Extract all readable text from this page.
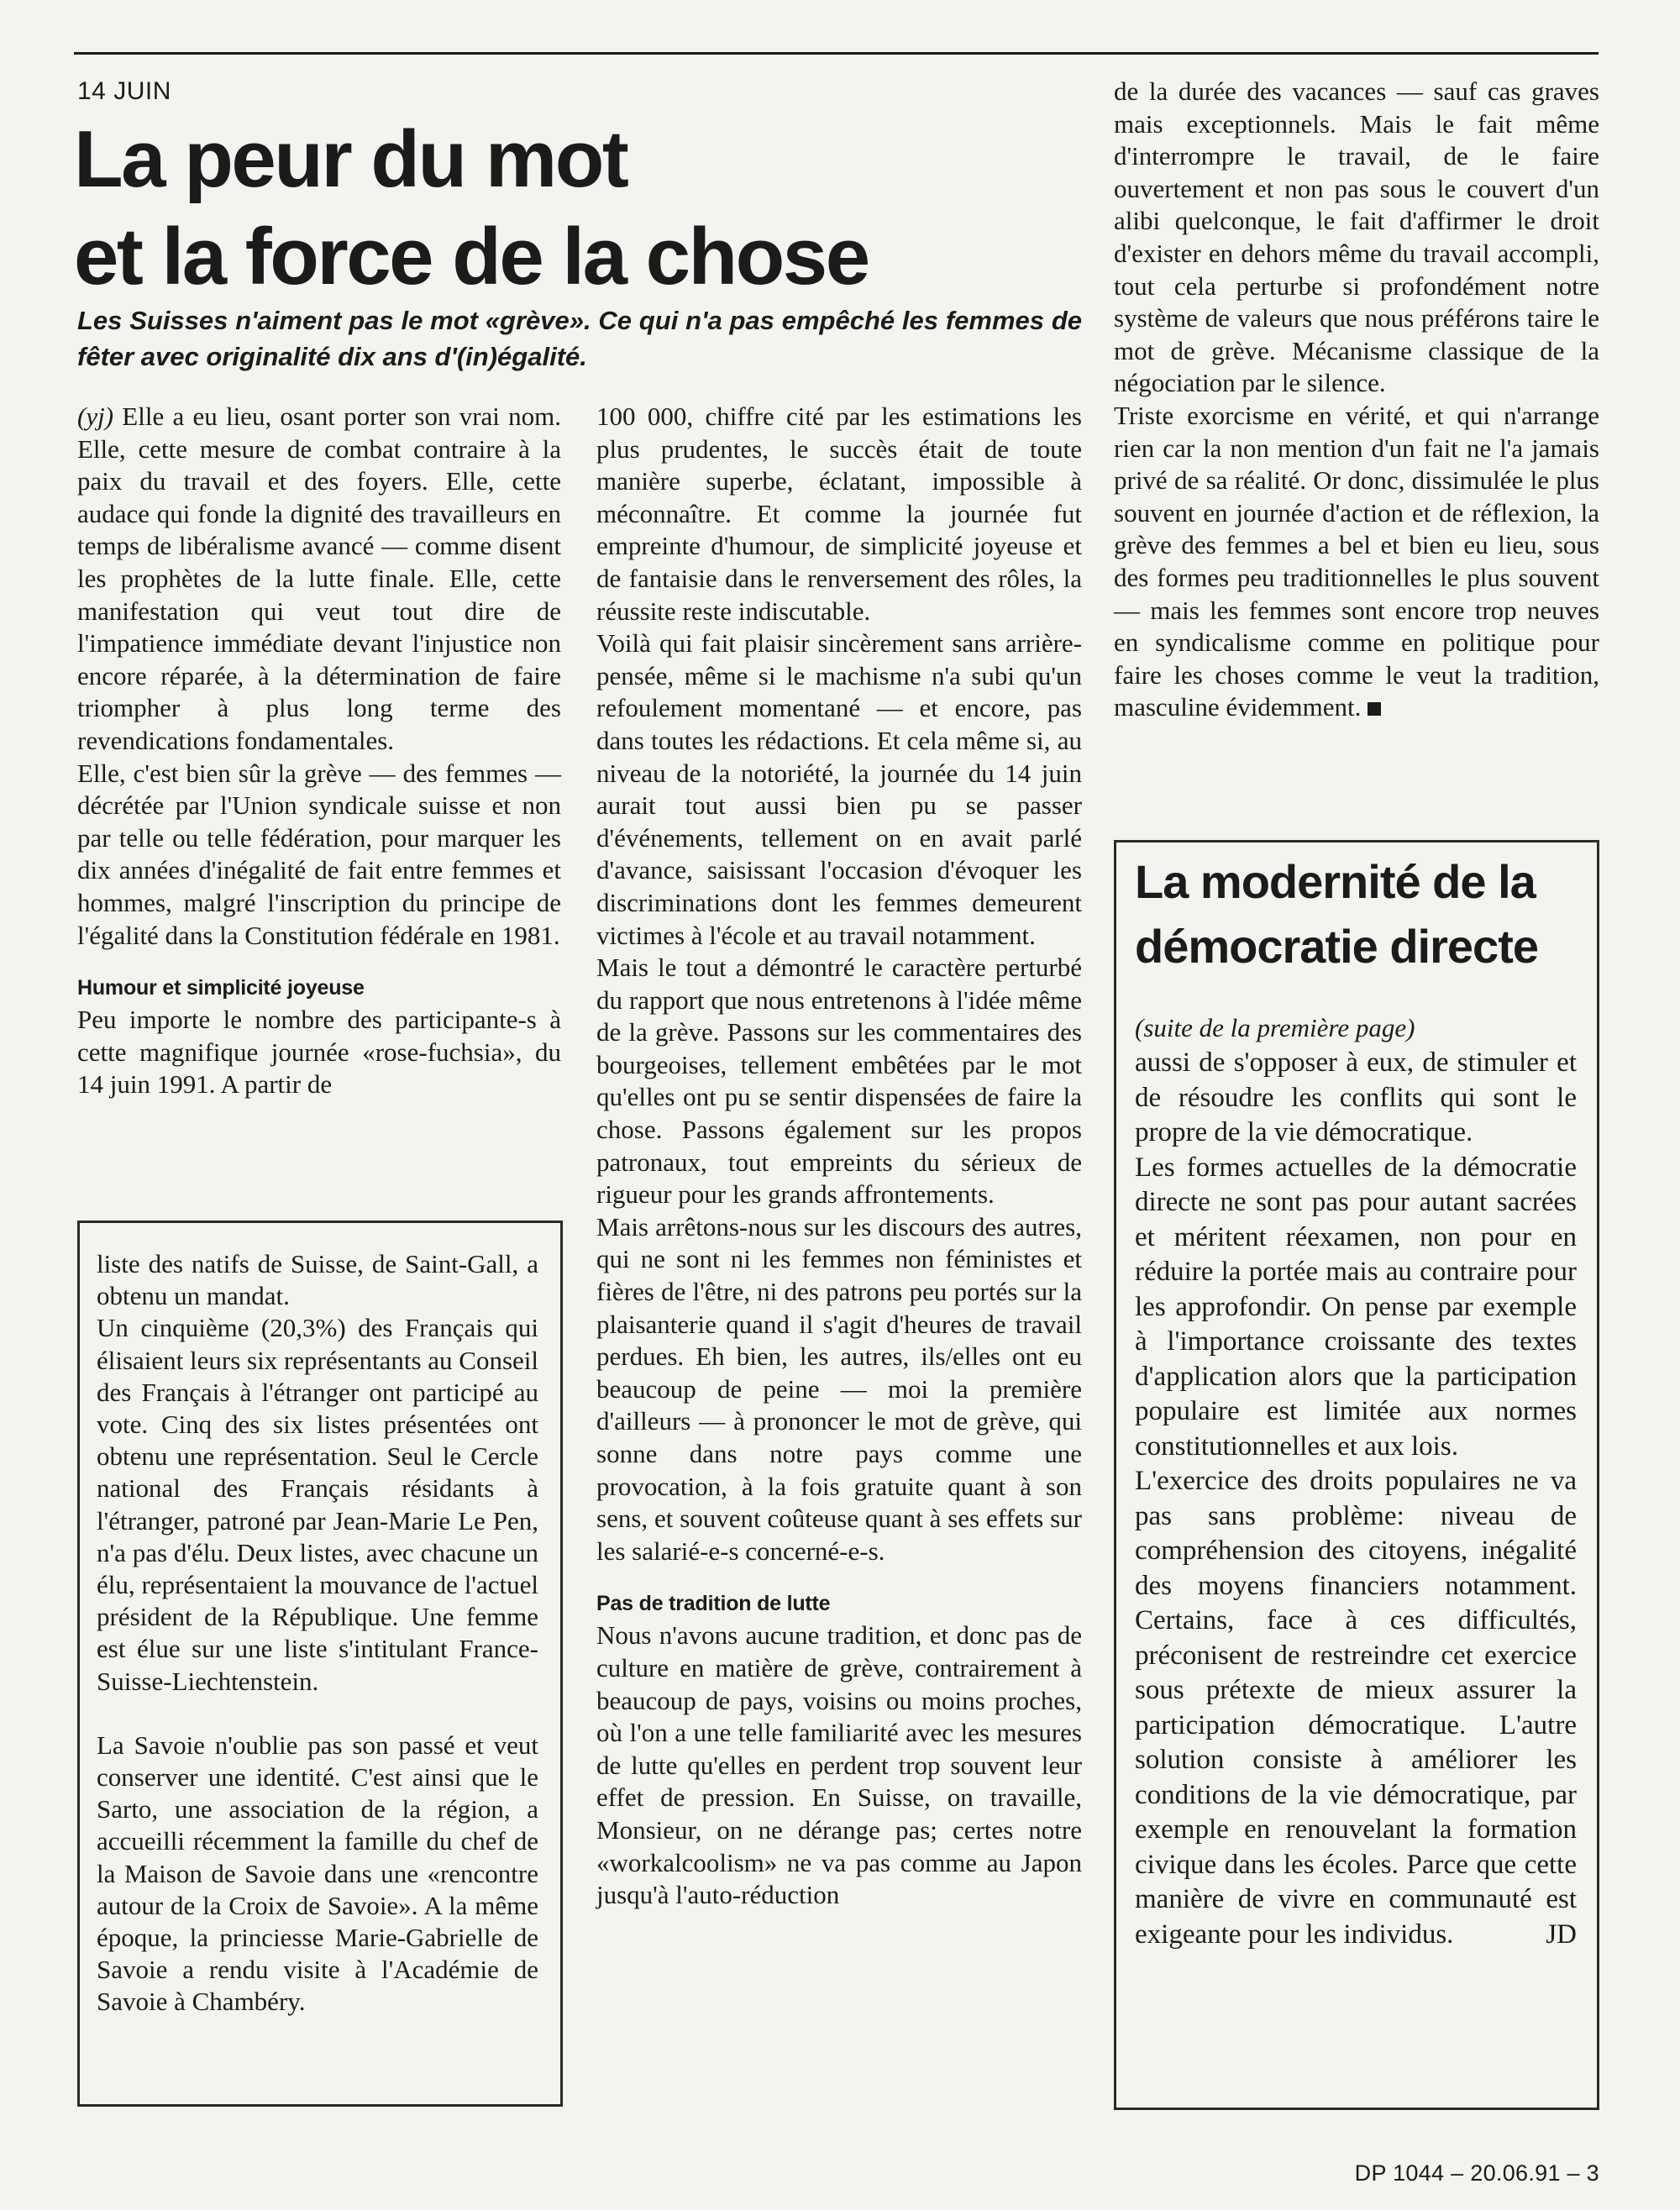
14 JUIN
La peur du mot
et la force de la chose

Les Suisses n'aiment pas le mot «grève». Ce qui n'a pas empêché les femmes de fêter avec originalité dix ans d'(in)égalité.

(yj) Elle a eu lieu, osant porter son vrai nom. Elle, cette mesure de combat contraire à la paix du travail et des foyers. Elle, cette audace qui fonde la dignité des travailleurs en temps de libéralisme avancé — comme disent les prophètes de la lutte finale. Elle, cette manifestation qui veut tout dire de l'impatience immédiate devant l'injustice non encore réparée, à la détermination de faire triompher à plus long terme des revendications fondamentales.

Elle, c'est bien sûr la grève — des femmes — décrétée par l'Union syndicale suisse et non par telle ou telle fédération, pour marquer les dix années d'inégalité de fait entre femmes et hommes, malgré l'inscription du principe de l'égalité dans la Constitution fédérale en 1981.

Humour et simplicité joyeuse

Peu importe le nombre des participante-s à cette magnifique journée «rose-fuchsia», du 14 juin 1991. A partir de

100 000, chiffre cité par les estimations les plus prudentes, le succès était de toute manière superbe, éclatant, impossible à méconnaître. Et comme la journée fut empreinte d'humour, de simplicité joyeuse et de fantaisie dans le renversement des rôles, la réussite reste indiscutable.

Voilà qui fait plaisir sincèrement sans arrière-pensée, même si le machisme n'a subi qu'un refoulement momentané — et encore, pas dans toutes les rédactions. Et cela même si, au niveau de la notoriété, la journée du 14 juin aurait tout aussi bien pu se passer d'événements, tellement on en avait parlé d'avance, saisissant l'occasion d'évoquer les discriminations dont les femmes demeurent victimes à l'école et au travail notamment.

Mais le tout a démontré le caractère perturbé du rapport que nous entretenons à l'idée même de la grève. Passons sur les commentaires des bourgeoises, tellement embêtées par le mot qu'elles ont pu se sentir dispensées de faire la chose. Passons également sur les propos patronaux, tout empreints du sérieux de rigueur pour les grands affrontements.

Mais arrêtons-nous sur les discours des autres, qui ne sont ni les femmes non féministes et fières de l'être, ni des patrons peu portés sur la plaisanterie quand il s'agit d'heures de travail perdues. Eh bien, les autres, ils/elles ont eu beaucoup de peine — moi la première d'ailleurs — à prononcer le mot de grève, qui sonne dans notre pays comme une provocation, à la fois gratuite quant à son sens, et souvent coûteuse quant à ses effets sur les salarié-e-s concerné-e-s.

Pas de tradition de lutte

Nous n'avons aucune tradition, et donc pas de culture en matière de grève, contrairement à beaucoup de pays, voisins ou moins proches, où l'on a une telle familiarité avec les mesures de lutte qu'elles en perdent trop souvent leur effet de pression. En Suisse, on travaille, Monsieur, on ne dérange pas; certes notre «workalcoolism» ne va pas comme au Japon jusqu'à l'auto-réduction

de la durée des vacances — sauf cas graves mais exceptionnels. Mais le fait même d'interrompre le travail, de le faire ouvertement et non pas sous le couvert d'un alibi quelconque, le fait d'affirmer le droit d'exister en dehors même du travail accompli, tout cela perturbe si profondément notre système de valeurs que nous préférons taire le mot de grève. Mécanisme classique de la négociation par le silence.

Triste exorcisme en vérité, et qui n'arrange rien car la non mention d'un fait ne l'a jamais privé de sa réalité. Or donc, dissimulée le plus souvent en journée d'action et de réflexion, la grève des femmes a bel et bien eu lieu, sous des formes peu traditionnelles le plus souvent — mais les femmes sont encore trop neuves en syndicalisme comme en politique pour faire les choses comme le veut la tradition, masculine évidemment.

liste des natifs de Suisse, de Saint-Gall, a obtenu un mandat.

Un cinquième (20,3%) des Français qui élisaient leurs six représentants au Conseil des Français à l'étranger ont participé au vote. Cinq des six listes présentées ont obtenu une représentation. Seul le Cercle national des Français résidants à l'étranger, patroné par Jean-Marie Le Pen, n'a pas d'élu. Deux listes, avec chacune un élu, représentaient la mouvance de l'actuel président de la République. Une femme est élue sur une liste s'intitulant France-Suisse-Liechtenstein.

La Savoie n'oublie pas son passé et veut conserver une identité. C'est ainsi que le Sarto, une association de la région, a accueilli récemment la famille du chef de la Maison de Savoie dans une «rencontre autour de la Croix de Savoie». A la même époque, la princiesse Marie-Gabrielle de Savoie a rendu visite à l'Académie de Savoie à Chambéry.

La modernité de la
démocratie directe

(suite de la première page)

aussi de s'opposer à eux, de stimuler et de résoudre les conflits qui sont le propre de la vie démocratique.

Les formes actuelles de la démocratie directe ne sont pas pour autant sacrées et méritent réexamen, non pour en réduire la portée mais au contraire pour les approfondir. On pense par exemple à l'importance croissante des textes d'application alors que la participation populaire est limitée aux normes constitutionnelles et aux lois.

L'exercice des droits populaires ne va pas sans problème: niveau de compréhension des citoyens, inégalité des moyens financiers notamment. Certains, face à ces difficultés, préconisent de restreindre cet exercice sous prétexte de mieux assurer la participation démocratique. L'autre solution consiste à améliorer les conditions de la vie démocratique, par exemple en renouvelant la formation civique dans les écoles. Parce que cette manière de vivre en communauté est exigeante pour les individus.	JD

DP 1044 – 20.06.91 – 3
